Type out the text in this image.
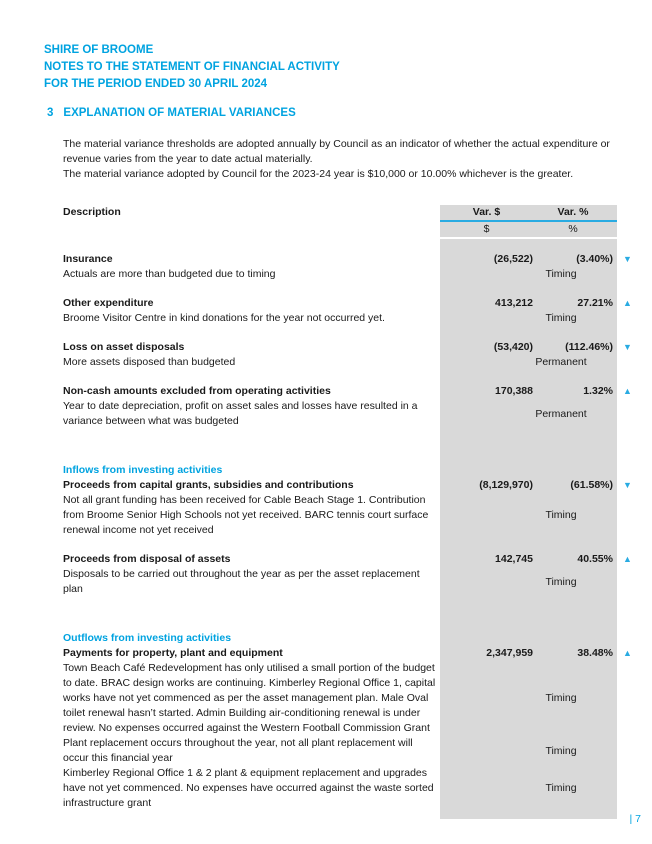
SHIRE OF BROOME
NOTES TO THE STATEMENT OF FINANCIAL ACTIVITY
FOR THE PERIOD ENDED 30 APRIL 2024
3 EXPLANATION OF MATERIAL VARIANCES

The material variance thresholds are adopted annually by Council as an indicator of whether the actual expenditure or revenue varies from the year to date actual materially.

The material variance adopted by Council for the 2023-24 year is $10,000 or 10.00% whichever is the greater.

Description	Var. $	Var. %
$	%
Insurance	(26,522)	(3.40%)	▼
Actuals are more than budgeted due to timing	Timing
Other expenditure	413,212	27.21%	▲
Broome Visitor Centre in kind donations for the year not occurred yet.	Timing
Loss on asset disposals	(53,420)	(112.46%)	▼
More assets disposed than budgeted	Permanent
Non-cash amounts excluded from operating activities	170,388	1.32%	▲
Year to date depreciation, profit on asset sales and losses have resulted in a variance between what was budgeted
Permanent
Inflows from investing activities
Proceeds from capital grants, subsidies and contributions	(8,129,970)	(61.58%)	▼
Not all grant funding has been received for Cable Beach Stage 1. Contribution from Broome Senior High Schools not yet received. BARC tennis court surface renewal income not yet received
Timing
Proceeds from disposal of assets	142,745	40.55%	▲
Disposals to be carried out throughout the year as per the asset replacement plan
Timing
Outflows from investing activities
Payments for property, plant and equipment	2,347,959	38.48%	▲
Town Beach Café Redevelopment has only utilised a small portion of the budget to date. BRAC design works are continuing. Kimberley Regional Office 1, capital works have not yet commenced as per the asset management plan. Male Oval toilet renewal hasn’t started. Admin Building air-conditioning renewal is under review. No expenses occurred against the Western Football Commission Grant
Timing
Plant replacement occurs throughout the year, not all plant replacement will occur this financial year
Timing
Kimberley Regional Office 1 & 2 plant & equipment replacement and upgrades have not yet commenced. No expenses have occurred against the waste sorted infrastructure grant
Timing
| 7
